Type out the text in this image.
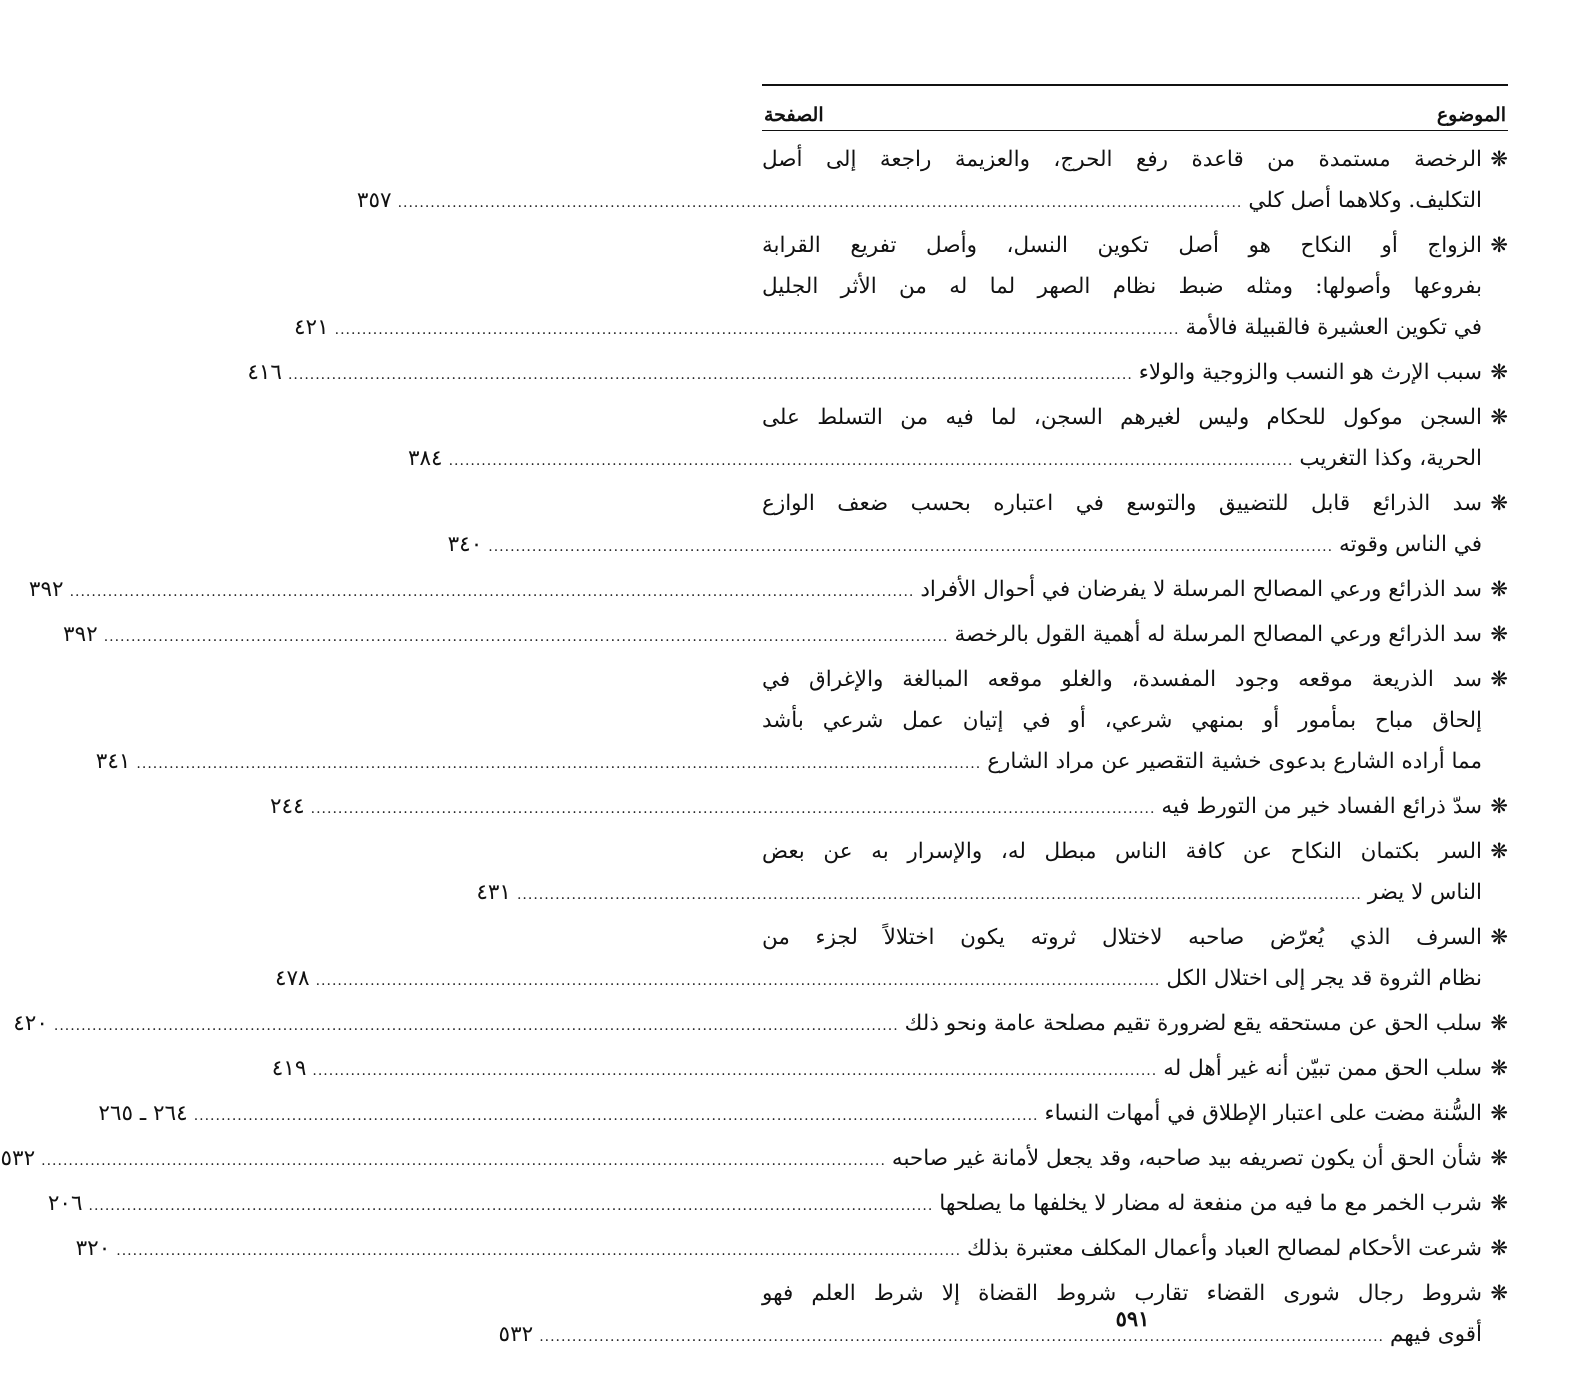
الموضوع
الصفحة
❋
الرخصة مستمدة من قاعدة رفع الحرج، والعزيمة راجعة إلى أصل
التكليف. وكلاهما أصل كلي
...........................................................................................................................................................
٣٥٧
❋
الزواج أو النكاح هو أصل تكوين النسل، وأصل تفريع القرابة
بفروعها وأصولها: ومثله ضبط نظام الصهر لما له من الأثر الجليل
في تكوين العشيرة فالقبيلة فالأمة
...........................................................................................................................................................
٤٢١
❋
سبب الإرث هو النسب والزوجية والولاء
...........................................................................................................................................................
٤١٦
❋
السجن موكول للحكام وليس لغيرهم السجن، لما فيه من التسلط على
الحرية، وكذا التغريب
...........................................................................................................................................................
٣٨٤
❋
سد الذرائع قابل للتضييق والتوسع في اعتباره بحسب ضعف الوازع
في الناس وقوته
...........................................................................................................................................................
٣٤٠
❋
سد الذرائع ورعي المصالح المرسلة لا يفرضان في أحوال الأفراد
...........................................................................................................................................................
٣٩٢
❋
سد الذرائع ورعي المصالح المرسلة له أهمية القول بالرخصة
...........................................................................................................................................................
٣٩٢
❋
سد الذريعة موقعه وجود المفسدة، والغلو موقعه المبالغة والإغراق في
إلحاق مباح بمأمور أو بمنهي شرعي، أو في إتيان عمل شرعي بأشد
مما أراده الشارع بدعوى خشية التقصير عن مراد الشارع
...........................................................................................................................................................
٣٤١
❋
سدّ ذرائع الفساد خير من التورط فيه
...........................................................................................................................................................
٢٤٤
❋
السر بكتمان النكاح عن كافة الناس مبطل له، والإسرار به عن بعض
الناس لا يضر
...........................................................................................................................................................
٤٣١
❋
السرف الذي يُعرّض صاحبه لاختلال ثروته يكون اختلالاً لجزء من
نظام الثروة قد يجر إلى اختلال الكل
...........................................................................................................................................................
٤٧٨
❋
سلب الحق عن مستحقه يقع لضرورة تقيم مصلحة عامة ونحو ذلك
...........................................................................................................................................................
٤٢٠
❋
سلب الحق ممن تبيّن أنه غير أهل له
...........................................................................................................................................................
٤١٩
❋
السُّنة مضت على اعتبار الإطلاق في أمهات النساء
...........................................................................................................................................................
٢٦٤ ـ ٢٦٥
❋
شأن الحق أن يكون تصريفه بيد صاحبه، وقد يجعل لأمانة غير صاحبه
...........................................................................................................................................................
٥٣٢
❋
شرب الخمر مع ما فيه من منفعة له مضار لا يخلفها ما يصلحها
...........................................................................................................................................................
٢٠٦
❋
شرعت الأحكام لمصالح العباد وأعمال المكلف معتبرة بذلك
...........................................................................................................................................................
٣٢٠
❋
شروط رجال شورى القضاء تقارب شروط القضاة إلا شرط العلم فهو
أقوى فيهم
...........................................................................................................................................................
٥٣٢
٥٩١
